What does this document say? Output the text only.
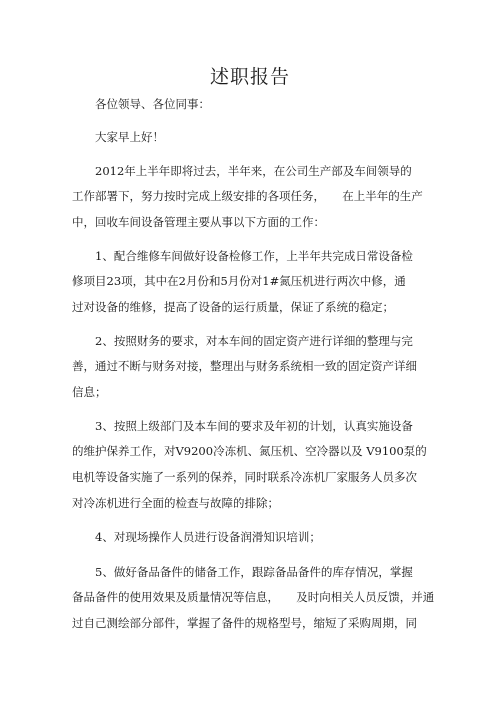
述职报告
各位领导、各位同事：
大家早上好！
2012年上半年即将过去，半年来，在公司生产部及车间领导的
工作部署下，努力按时完成上级安排的各项任务，　　在上半年的生产
中，回收车间设备管理主要从事以下方面的工作：
1、配合维修车间做好设备检修工作，上半年共完成日常设备检
修项目23项，其中在2月份和5月份对1#氮压机进行两次中修，通
过对设备的维修，提高了设备的运行质量，保证了系统的稳定；
2、按照财务的要求，对本车间的固定资产进行详细的整理与完
善，通过不断与财务对接，整理出与财务系统相一致的固定资产详细
信息；
3、按照上级部门及本车间的要求及年初的计划，认真实施设备
的维护保养工作，对V9200冷冻机、氮压机、空冷器以及 V9100泵的
电机等设备实施了一系列的保养，同时联系冷冻机厂家服务人员多次
对冷冻机进行全面的检查与故障的排除；
4、对现场操作人员进行设备润滑知识培训；
5、做好备品备件的储备工作，跟踪备品备件的库存情况，掌握
备品备件的使用效果及质量情况等信息，　　及时向相关人员反馈，并通
过自己测绘部分部件，掌握了备件的规格型号，缩短了采购周期，同
